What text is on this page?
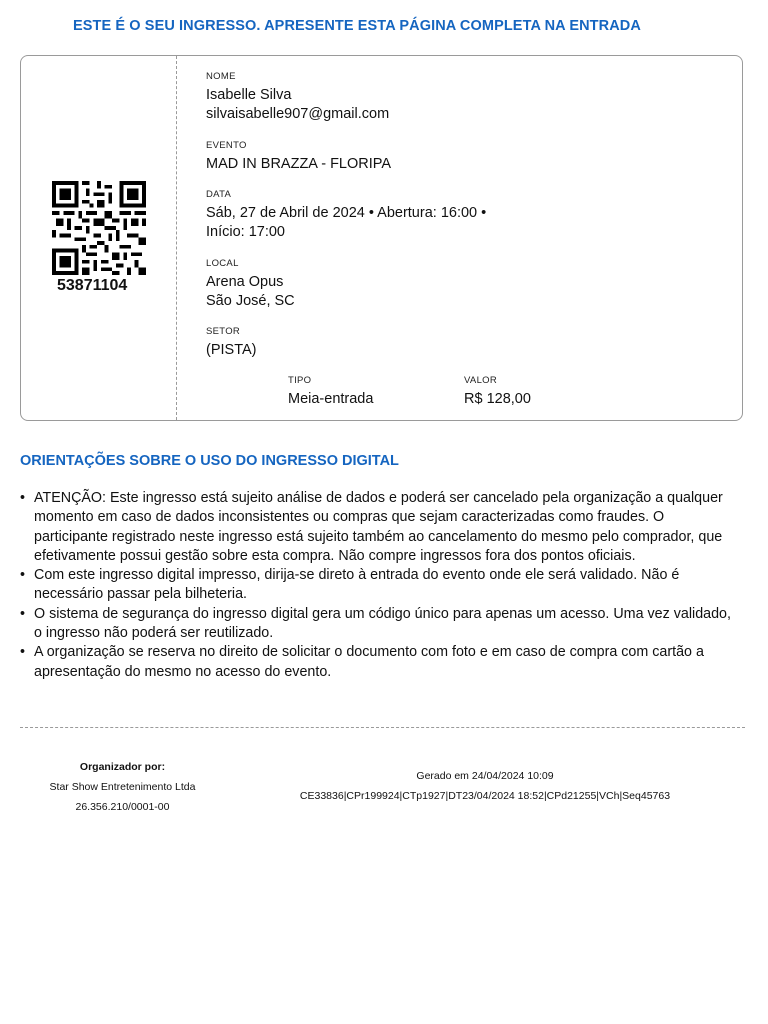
ESTE É O SEU INGRESSO. APRESENTE ESTA PÁGINA COMPLETA NA ENTRADA
53871104
NOME
Isabelle Silva
silvaisabelle907@gmail.com
EVENTO
MAD IN BRAZZA - FLORIPA
DATA
Sáb, 27 de Abril de 2024 • Abertura: 16:00 •
Início: 17:00
LOCAL
Arena Opus
São José, SC
SETOR
(PISTA)
TIPO
Meia-entrada
VALOR
R$ 128,00
ORIENTAÇÕES SOBRE O USO DO INGRESSO DIGITAL
• ATENÇÃO: Este ingresso está sujeito análise de dados e poderá ser cancelado pela organização a qualquer momento em caso de dados inconsistentes ou compras que sejam caracterizadas como fraudes. O participante registrado neste ingresso está sujeito também ao cancelamento do mesmo pelo comprador, que efetivamente possui gestão sobre esta compra. Não compre ingressos fora dos pontos oficiais.
• Com este ingresso digital impresso, dirija-se direto à entrada do evento onde ele será validado. Não é necessário passar pela bilheteria.
• O sistema de segurança do ingresso digital gera um código único para apenas um acesso. Uma vez validado, o ingresso não poderá ser reutilizado.
• A organização se reserva no direito de solicitar o documento com foto e em caso de compra com cartão a apresentação do mesmo no acesso do evento.
Organizador por:
Star Show Entretenimento Ltda
26.356.210/0001-00
Gerado em 24/04/2024 10:09
CE33836|CPr199924|CTp1927|DT23/04/2024 18:52|CPd21255|VCh|Seq45763
